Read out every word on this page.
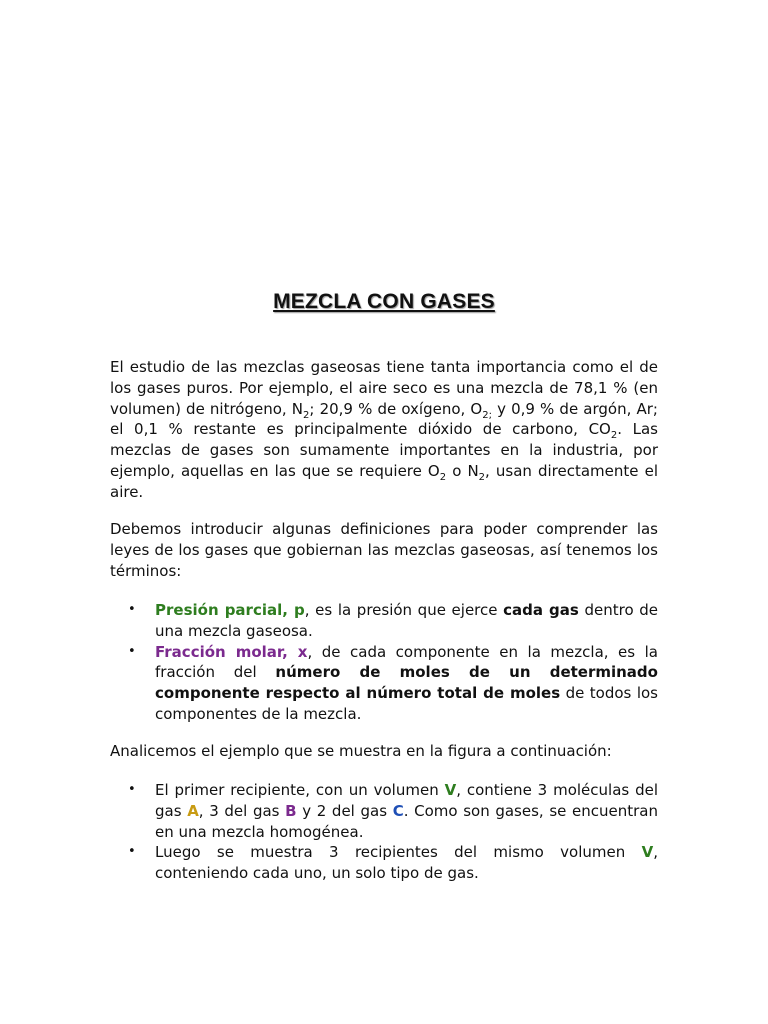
MEZCLA CON GASES

El estudio de las mezclas gaseosas tiene tanta importancia como el de los gases puros. Por ejemplo, el aire seco es una mezcla de 78,1 % (en volumen) de nitrógeno, $N_2$; 20,9 % de oxígeno, $O_{2;}$ y 0,9 % de argón, Ar; el 0,1 % restante es principalmente dióxido de carbono, $CO_2$. Las mezclas de gases son sumamente importantes en la industria, por ejemplo, aquellas en las que se requiere $O_2$ o $N_2$, usan directamente el aire.

Debemos introducir algunas definiciones para poder comprender las leyes de los gases que gobiernan las mezclas gaseosas, así tenemos los términos:

• Presión parcial, p, es la presión que ejerce cada gas dentro de una mezcla gaseosa.
• Fracción molar, x, de cada componente en la mezcla, es la fracción del número de moles de un determinado componente respecto al número total de moles de todos los componentes de la mezcla.

Analicemos el ejemplo que se muestra en la figura a continuación:

• El primer recipiente, con un volumen V, contiene 3 moléculas del gas A, 3 del gas B y 2 del gas C. Como son gases, se encuentran en una mezcla homogénea.
• Luego se muestra 3 recipientes del mismo volumen V, conteniendo cada uno, un solo tipo de gas.
